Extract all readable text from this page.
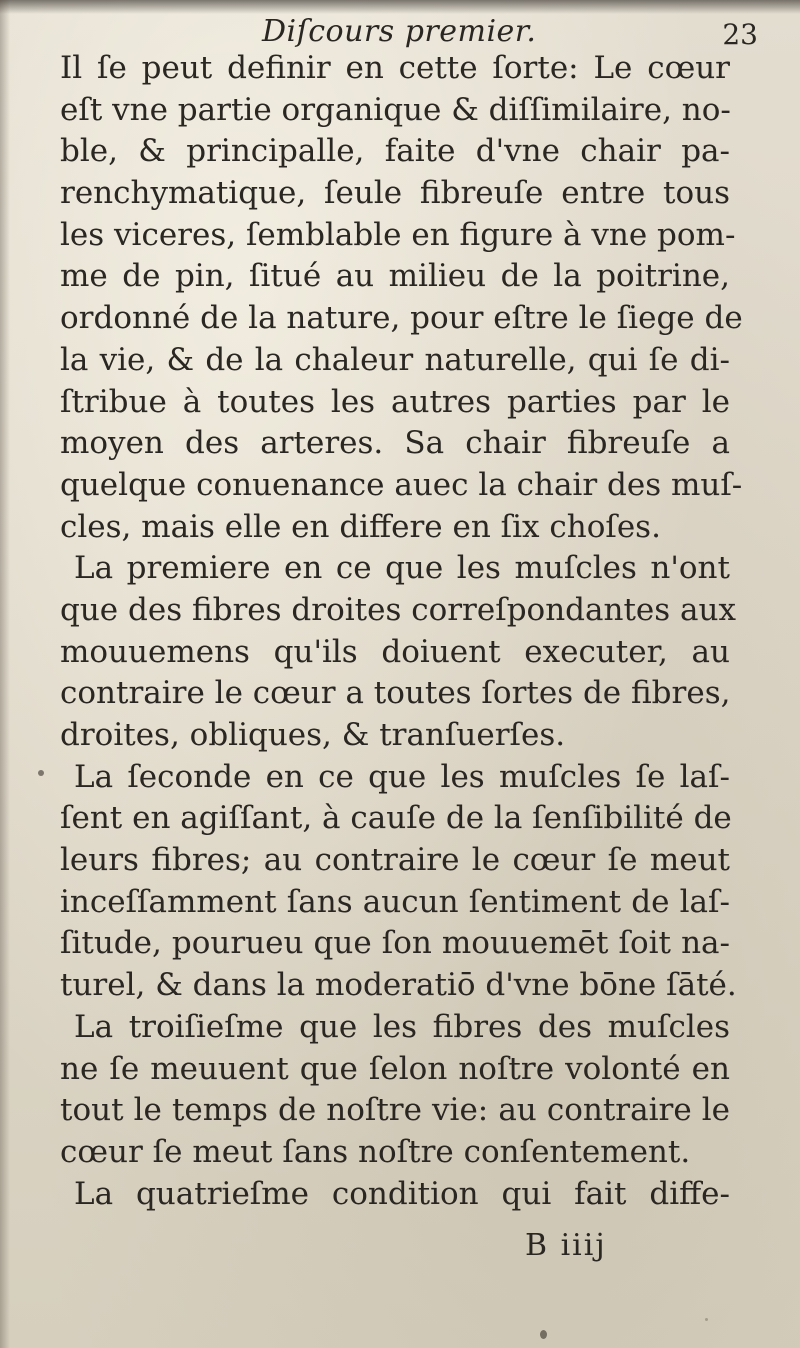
Diſcours premier.	23
Il ſe peut definir en cette ſorte: Le cœur
eſt vne partie organique & diſſimilaire, no-
ble, & principalle, faite d'vne chair pa-
renchymatique, ſeule fibreuſe entre tous
les viceres, ſemblable en figure à vne pom-
me de pin, ſitué au milieu de la poitrine,
ordonné de la nature, pour eſtre le ſiege de
la vie, & de la chaleur naturelle, qui ſe di-
ſtribue à toutes les autres parties par le
moyen des arteres. Sa chair fibreuſe a
quelque conuenance auec la chair des muſ-
cles, mais elle en differe en ſix choſes.
La premiere en ce que les muſcles n'ont
que des fibres droites correſpondantes aux
mouuemens qu'ils doiuent executer, au
contraire le cœur a toutes ſortes de fibres,
droites, obliques, & tranſuerſes.
La ſeconde en ce que les muſcles ſe laſ-
ſent en agiſſant, à cauſe de la ſenſibilité de
leurs fibres; au contraire le cœur ſe meut
inceſſamment ſans aucun ſentiment de laſ-
ſitude, pourueu que ſon mouuemēt ſoit na-
turel, & dans la moderatiō d'vne bōne ſāté.
La troiſieſme que les fibres des muſcles
ne ſe meuuent que ſelon noſtre volonté en
tout le temps de noſtre vie: au contraire le
cœur ſe meut ſans noſtre conſentement.
La quatrieſme condition qui fait diffe-
B iiij
